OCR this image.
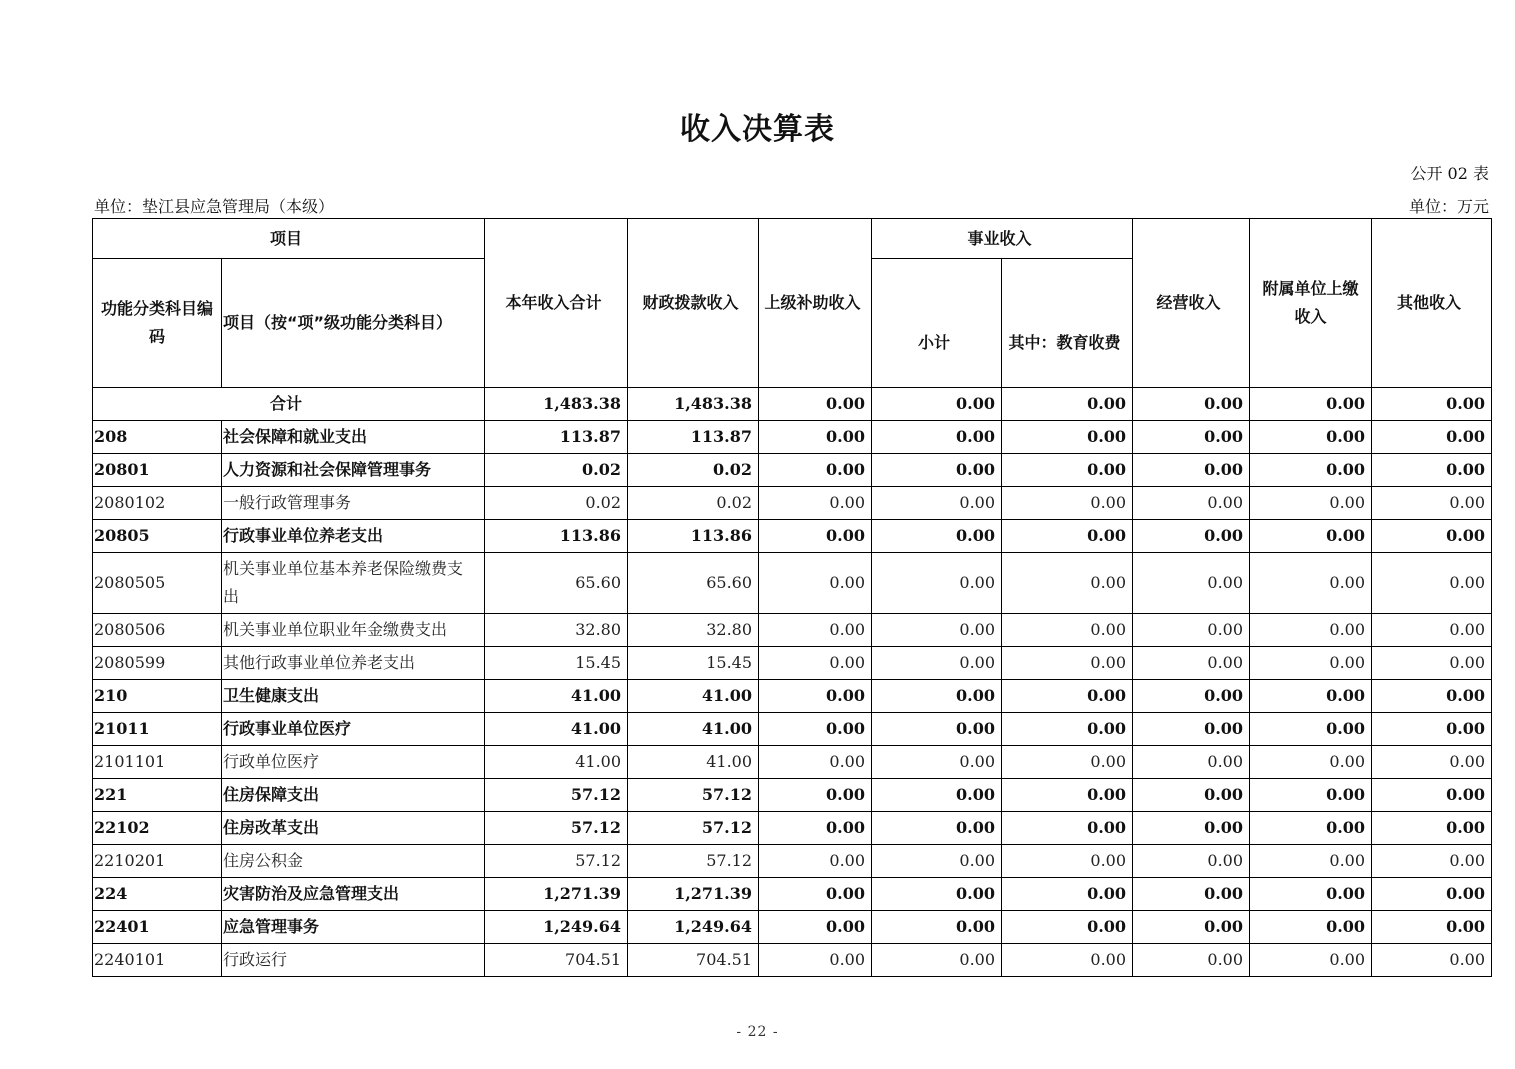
收入决算表
公开 02 表
单位：垫江县应急管理局（本级）	单位：万元
项目		本年收入合计	财政拨款收入	上级补助收入	事业收入		经营收入	附属单位上缴收入	其他收入
功能分类科目编码	项目（按“项”级功能分类科目）				小计	其中：教育收费			
合计		1,483.38	1,483.38	0.00	0.00	0.00	0.00	0.00	0.00
208	社会保障和就业支出	113.87	113.87	0.00	0.00	0.00	0.00	0.00	0.00
20801	人力资源和社会保障管理事务	0.02	0.02	0.00	0.00	0.00	0.00	0.00	0.00
2080102	一般行政管理事务	0.02	0.02	0.00	0.00	0.00	0.00	0.00	0.00
20805	行政事业单位养老支出	113.86	113.86	0.00	0.00	0.00	0.00	0.00	0.00
2080505	机关事业单位基本养老保险缴费支出	65.60	65.60	0.00	0.00	0.00	0.00	0.00	0.00
2080506	机关事业单位职业年金缴费支出	32.80	32.80	0.00	0.00	0.00	0.00	0.00	0.00
2080599	其他行政事业单位养老支出	15.45	15.45	0.00	0.00	0.00	0.00	0.00	0.00
210	卫生健康支出	41.00	41.00	0.00	0.00	0.00	0.00	0.00	0.00
21011	行政事业单位医疗	41.00	41.00	0.00	0.00	0.00	0.00	0.00	0.00
2101101	行政单位医疗	41.00	41.00	0.00	0.00	0.00	0.00	0.00	0.00
221	住房保障支出	57.12	57.12	0.00	0.00	0.00	0.00	0.00	0.00
22102	住房改革支出	57.12	57.12	0.00	0.00	0.00	0.00	0.00	0.00
2210201	住房公积金	57.12	57.12	0.00	0.00	0.00	0.00	0.00	0.00
224	灾害防治及应急管理支出	1,271.39	1,271.39	0.00	0.00	0.00	0.00	0.00	0.00
22401	应急管理事务	1,249.64	1,249.64	0.00	0.00	0.00	0.00	0.00	0.00
2240101	行政运行	704.51	704.51	0.00	0.00	0.00	0.00	0.00	0.00
- 22 -
